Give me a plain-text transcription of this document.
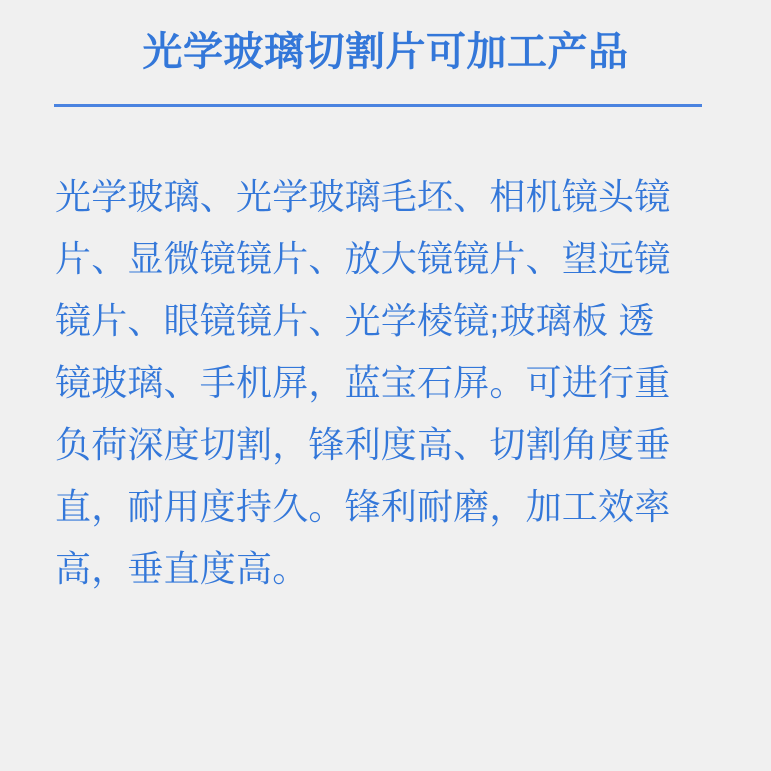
光学玻璃切割片可加工产品
光学玻璃、光学玻璃毛坯、相机镜头镜
片、显微镜镜片、放大镜镜片、望远镜
镜片、眼镜镜片、光学棱镜;玻璃板 透
镜玻璃、手机屏，蓝宝石屏。可进行重
负荷深度切割，锋利度高、切割角度垂
直，耐用度持久。锋利耐磨，加工效率
高，垂直度高。
